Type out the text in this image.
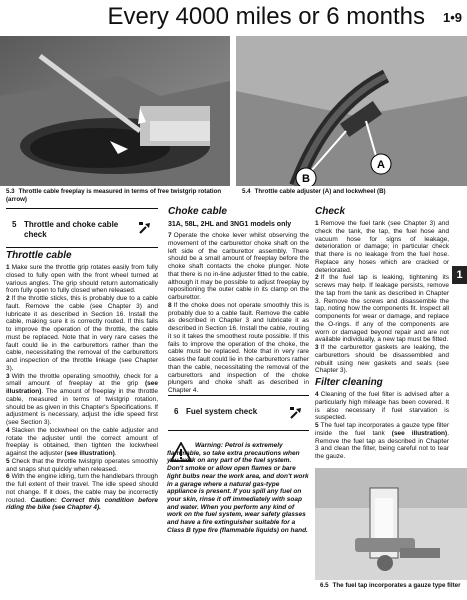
Every 4000 miles or 6 months 1•9
5.3 Throttle cable freeplay is measured in terms of free twistgrip rotation (arrow)
B
A
5.4 Throttle cable adjuster (A) and lockwheel (B)
5 Throttle and choke cable check
Throttle cable

1 Make sure the throttle grip rotates easily from fully closed to fully open with the front wheel turned at various angles. The grip should return automatically from fully open to fully closed when released.

2 If the throttle sticks, this is probably due to a cable fault. Remove the cable (see Chapter 3) and lubricate it as described in Section 16. Install the cable, making sure it is correctly routed. If this fails to improve the operation of the throttle, the cable must be replaced. Note that in very rare cases the fault could lie in the carburettors rather than the cable, necessitating the removal of the carburettors and inspection of the throttle linkage (see Chapter 3).

3 With the throttle operating smoothly, check for a small amount of freeplay at the grip (see illustration). The amount of freeplay in the throttle cable, measured in terms of twistgrip rotation, should be as given in this Chapter's Specifications. If adjustment is necessary, adjust the idle speed first (see Section 3).

4 Slacken the lockwheel on the cable adjuster and rotate the adjuster until the correct amount of freeplay is obtained, then tighten the lockwheel against the adjuster (see illustration).

5 Check that the throttle twistgrip operates smoothly and snaps shut quickly when released.

6 With the engine idling, turn the handlebars through the full extent of their travel. The idle speed should not change. If it does, the cable may be incorrectly routed. Caution: Correct this condition before riding the bike (see Chapter 4).

Choke cable
31A, 58L, 2HL and 3NG1 models only

7 Operate the choke lever whilst observing the movement of the carburettor choke shaft on the left side of the carburettor assembly. There should be a small amount of freeplay before the choke shaft contacts the choke plunger. Note that there is no in-line adjuster fitted to the cable, although it may be possible to adjust freeplay by repositioning the outer cable in its clamp on the carburettor.

8 If the choke does not operate smoothly this is probably due to a cable fault. Remove the cable as described in Chapter 3 and lubricate it as described in Section 16. Install the cable, routing it so it takes the smoothest route possible. If this fails to improve the operation of the choke, the cable must be replaced. Note that in very rare cases the fault could lie in the carburettors rather than the cable, necessitating the removal of the carburettors and inspection of the choke plungers and choke shaft as described in Chapter 4.

6 Fuel system check

Warning: Petrol is extremely flammable, so take extra precautions when you work on any part of the fuel system. Don't smoke or allow open flames or bare light bulbs near the work area, and don't work in a garage where a natural gas-type appliance is present. If you spill any fuel on your skin, rinse it off immediately with soap and water. When you perform any kind of work on the fuel system, wear safety glasses and have a fire extinguisher suitable for a Class B type fire (flammable liquids) on hand.

Check

1 Remove the fuel tank (see Chapter 3) and check the tank, the tap, the fuel hose and vacuum hose for signs of leakage, deterioration or damage; in particular check that there is no leakage from the fuel hose. Replace any hoses which are cracked or deteriorated.

2 If the fuel tap is leaking, tightening its screws may help. If leakage persists, remove the tap from the tank as described in Chapter 3. Remove the screws and disassemble the tap, noting how the components fit. Inspect all components for wear or damage, and replace the O-rings. If any of the components are worn or damaged beyond repair and are not available individually, a new tap must be fitted.

3 If the carburettor gaskets are leaking, the carburettors should be disassembled and rebuilt using new gaskets and seals (see Chapter 3).

Filter cleaning

4 Cleaning of the fuel filter is advised after a particularly high mileage has been covered. It is also necessary if fuel starvation is suspected.

5 The fuel tap incorporates a gauze type filter inside the fuel tank (see illustration). Remove the fuel tap as described in Chapter 3 and clean the filter, being careful not to tear the gauze.

1
6.5 The fuel tap incorporates a gauze type filter
